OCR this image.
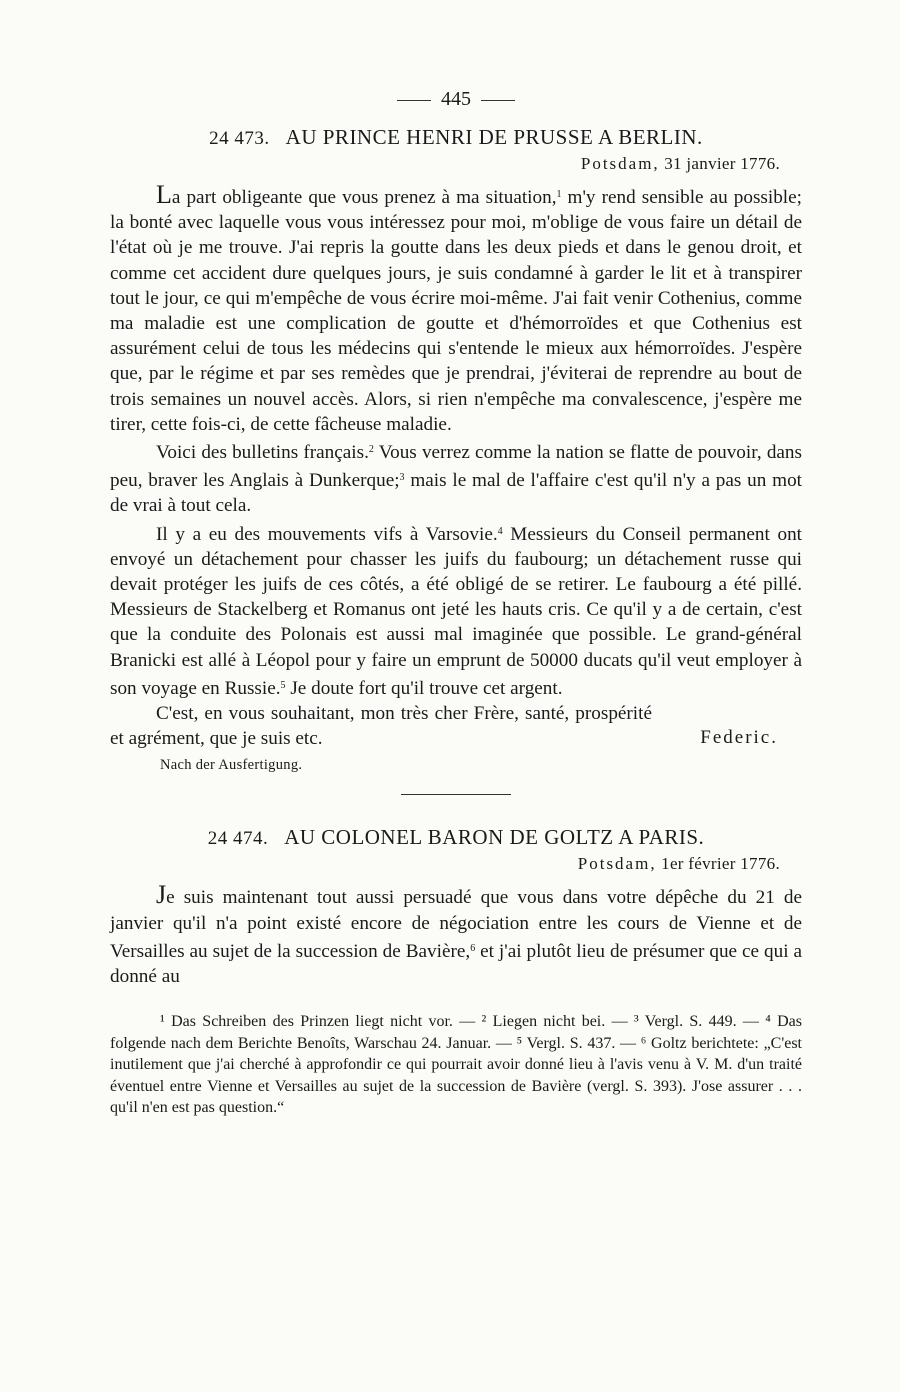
445
24 473. AU PRINCE HENRI DE PRUSSE A BERLIN.
Potsdam, 31 janvier 1776.

La part obligeante que vous prenez à ma situation,$^1$ m'y rend sensible au possible; la bonté avec laquelle vous vous intéressez pour moi, m'oblige de vous faire un détail de l'état où je me trouve. J'ai repris la goutte dans les deux pieds et dans le genou droit, et comme cet accident dure quelques jours, je suis condamné à garder le lit et à transpirer tout le jour, ce qui m'empêche de vous écrire moi-même. J'ai fait venir Cothenius, comme ma maladie est une complication de goutte et d'hémorroïdes et que Cothenius est assurément celui de tous les médecins qui s'entende le mieux aux hémorroïdes. J'espère que, par le régime et par ses remèdes que je prendrai, j'éviterai de reprendre au bout de trois semaines un nouvel accès. Alors, si rien n'empêche ma convalescence, j'espère me tirer, cette fois-ci, de cette fâcheuse maladie.

Voici des bulletins français.$^2$ Vous verrez comme la nation se flatte de pouvoir, dans peu, braver les Anglais à Dunkerque;$^3$ mais le mal de l'affaire c'est qu'il n'y a pas un mot de vrai à tout cela.

Il y a eu des mouvements vifs à Varsovie.$^4$ Messieurs du Conseil permanent ont envoyé un détachement pour chasser les juifs du faubourg; un détachement russe qui devait protéger les juifs de ces côtés, a été obligé de se retirer. Le faubourg a été pillé. Messieurs de Stackelberg et Romanus ont jeté les hauts cris. Ce qu'il y a de certain, c'est que la conduite des Polonais est aussi mal imaginée que possible. Le grand-général Branicki est allé à Léopol pour y faire un emprunt de 50000 ducats qu'il veut employer à son voyage en Russie.$^5$ Je doute fort qu'il trouve cet argent.

C'est, en vous souhaitant, mon très cher Frère, santé, prospérité et agrément, que je suis etc.	Federic.
Nach der Ausfertigung.
24 474. AU COLONEL BARON DE GOLTZ A PARIS.
Potsdam, 1er février 1776.

Je suis maintenant tout aussi persuadé que vous dans votre dépêche du 21 de janvier qu'il n'a point existé encore de négociation entre les cours de Vienne et de Versailles au sujet de la succession de Bavière,$^6$ et j'ai plutôt lieu de présumer que ce qui a donné au

¹ Das Schreiben des Prinzen liegt nicht vor. — ² Liegen nicht bei. — ³ Vergl. S. 449. — ⁴ Das folgende nach dem Berichte Benoîts, Warschau 24. Januar. — ⁵ Vergl. S. 437. — ⁶ Goltz berichtete: „C'est inutilement que j'ai cherché à approfondir ce qui pourrait avoir donné lieu à l'avis venu à V. M. d'un traité éventuel entre Vienne et Versailles au sujet de la succession de Bavière (vergl. S. 393). J'ose assurer . . . qu'il n'en est pas question.“
